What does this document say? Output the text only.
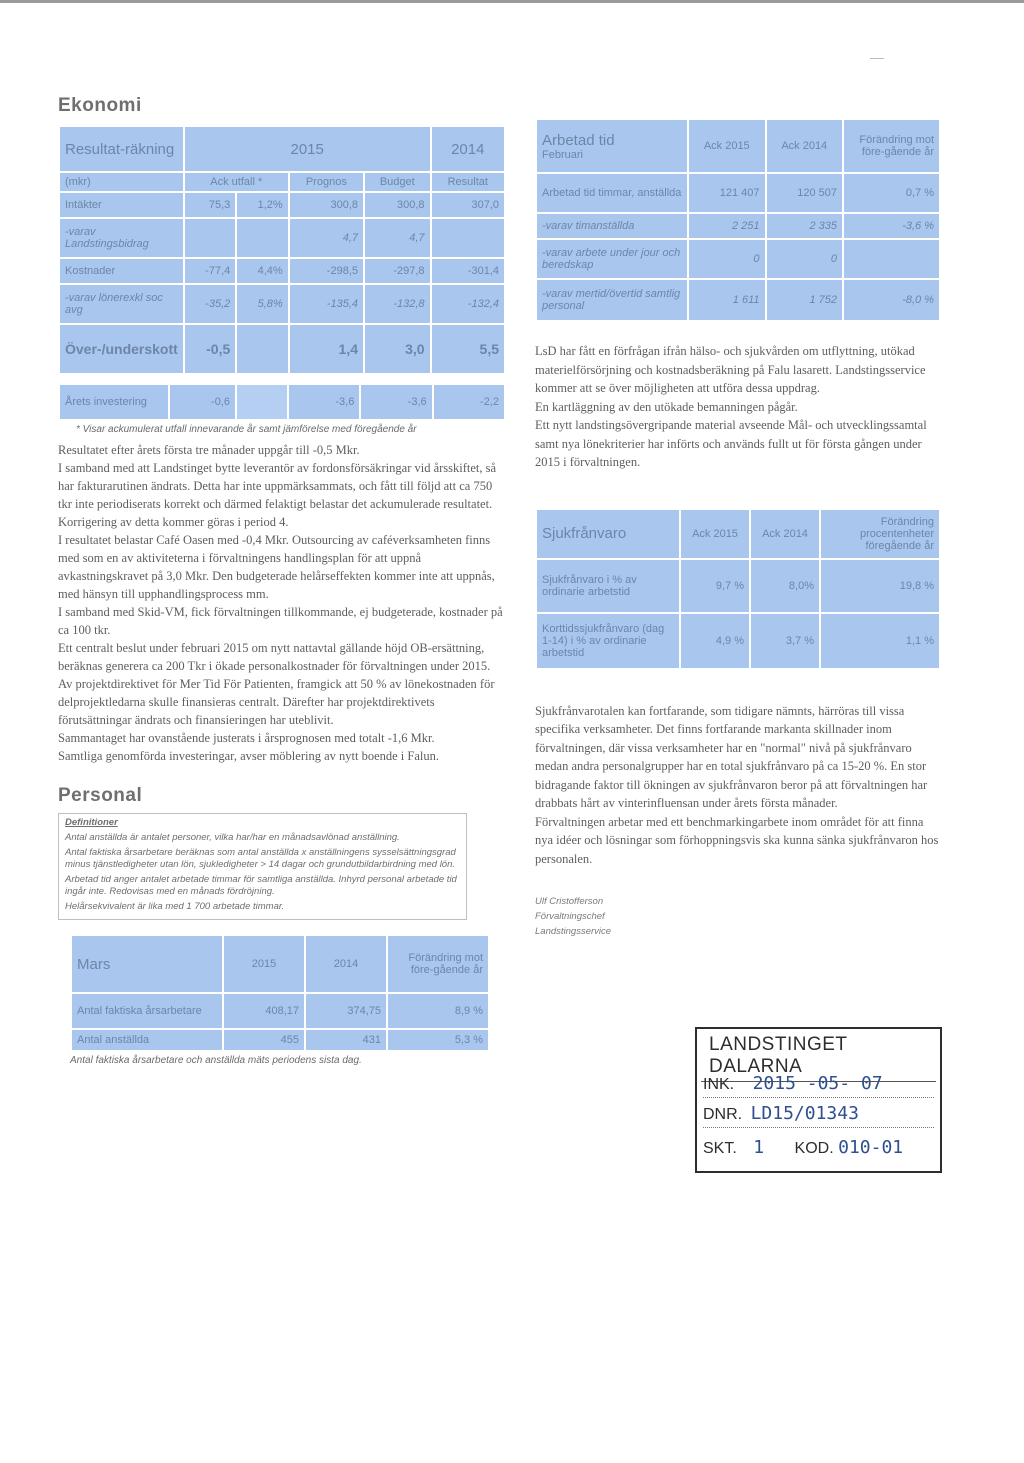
Ekonomi
Resultat-räkning	2015				2014
(mkr)	Ack utfall *		Prognos	Budget	Resultat
Intäkter	75,3	1,2%	300,8	300,8	307,0
-varav Landstingsbidrag			4,7	4,7	
Kostnader	-77,4	4,4%	-298,5	-297,8	-301,4
-varav lönerexkl soc avg	-35,2	5,8%	-135,4	-132,8	-132,4
Över-/underskott	-0,5		1,4	3,0	5,5
Årets investering	-0,6		-3,6	-3,6	-2,2
* Visar ackumulerat utfall innevarande år samt jämförelse med föregående år

Resultatet efter årets första tre månader uppgår till -0,5 Mkr.

I samband med att Landstinget bytte leverantör av fordonsförsäkringar vid årsskiftet, så har fakturarutinen ändrats. Detta har inte uppmärksammats, och fått till följd att ca 750 tkr inte periodiserats korrekt och därmed felaktigt belastar det ackumulerade resultatet. Korrigering av detta kommer göras i period 4.

I resultatet belastar Café Oasen med -0,4 Mkr. Outsourcing av caféverksamheten finns med som en av aktiviteterna i förvaltningens handlingsplan för att uppnå avkastningskravet på 3,0 Mkr. Den budgeterade helårseffekten kommer inte att uppnås, med hänsyn till upphandlingsprocess mm.

I samband med Skid-VM, fick förvaltningen tillkommande, ej budgeterade, kostnader på ca 100 tkr.

Ett centralt beslut under februari 2015 om nytt nattavtal gällande höjd OB-ersättning, beräknas generera ca 200 Tkr i ökade personalkostnader för förvaltningen under 2015.

Av projektdirektivet för Mer Tid För Patienten, framgick att 50 % av lönekostnaden för delprojektledarna skulle finansieras centralt. Därefter har projektdirektivets förutsättningar ändrats och finansieringen har uteblivit.

Sammantaget har ovanstående justerats i årsprognosen med totalt -1,6 Mkr.

Samtliga genomförda investeringar, avser möblering av nytt boende i Falun.

Personal

Definitioner

Antal anställda är antalet personer, vilka har/har en månadsavlönad anställning.

Antal faktiska årsarbetare beräknas som antal anställda x anställningens sysselsättningsgrad minus tjänstledigheter utan lön, sjukledigheter > 14 dagar och grundutbildarbirdning med lön.

Arbetad tid anger antalet arbetade timmar för samtliga anställda. Inhyrd personal arbetade tid ingår inte. Redovisas med en månads fördröjning.

Helårsekvivalent är lika med 1 700 arbetade timmar.

Mars	2015	2014	Förändring mot före-gående år
Antal faktiska årsarbetare	408,17	374,75	8,9 %
Antal anställda	455	431	5,3 %
Antal faktiska årsarbetare och anställda mäts periodens sista dag.
Arbetad tid
Februari	Ack 2015	Ack 2014	Förändring mot före-gående år
Arbetad tid timmar, anställda	121 407	120 507	0,7 %
-varav timanställda	2 251	2 335	-3,6 %
-varav arbete under jour och beredskap	0	0	
-varav mertid/övertid samtlig personal	1 611	1 752	-8,0 %

LsD har fått en förfrågan ifrån hälso- och sjukvården om utflyttning, utökad materielförsörjning och kostnadsberäkning på Falu lasarett. Landstingsservice kommer att se över möjligheten att utföra dessa uppdrag.

En kartläggning av den utökade bemanningen pågår.

Ett nytt landstingsövergripande material avseende Mål- och utvecklingssamtal samt nya lönekriterier har införts och används fullt ut för första gången under 2015 i förvaltningen.

Sjukfrånvaro	Ack 2015	Ack 2014	Förändring procentenheter föregående år
Sjukfrånvaro i % av ordinarie arbetstid	9,7 %	8,0%	19,8 %
Korttidssjukfrånvaro (dag 1-14) i % av ordinarie arbetstid	4,9 %	3,7 %	1,1 %

Sjukfrånvarotalen kan fortfarande, som tidigare nämnts, härröras till vissa specifika verksamheter. Det finns fortfarande markanta skillnader inom förvaltningen, där vissa verksamheter har en "normal" nivå på sjukfrånvaro medan andra personalgrupper har en total sjukfrånvaro på ca 15-20 %. En stor bidragande faktor till ökningen av sjukfrånvaron beror på att förvaltningen har drabbats hårt av vinterinfluensan under årets första månader.

Förvaltningen arbetar med ett benchmarkingarbete inom området för att finna nya idéer och lösningar som förhoppningsvis ska kunna sänka sjukfrånvaron hos personalen.

Ulf Cristofferson
Förvaltningschef
Landstingsservice
LANDSTINGET DALARNA
INK. 2015 -05- 07
DNR. LD15/01343
SKT. 1 KOD. 010-01
